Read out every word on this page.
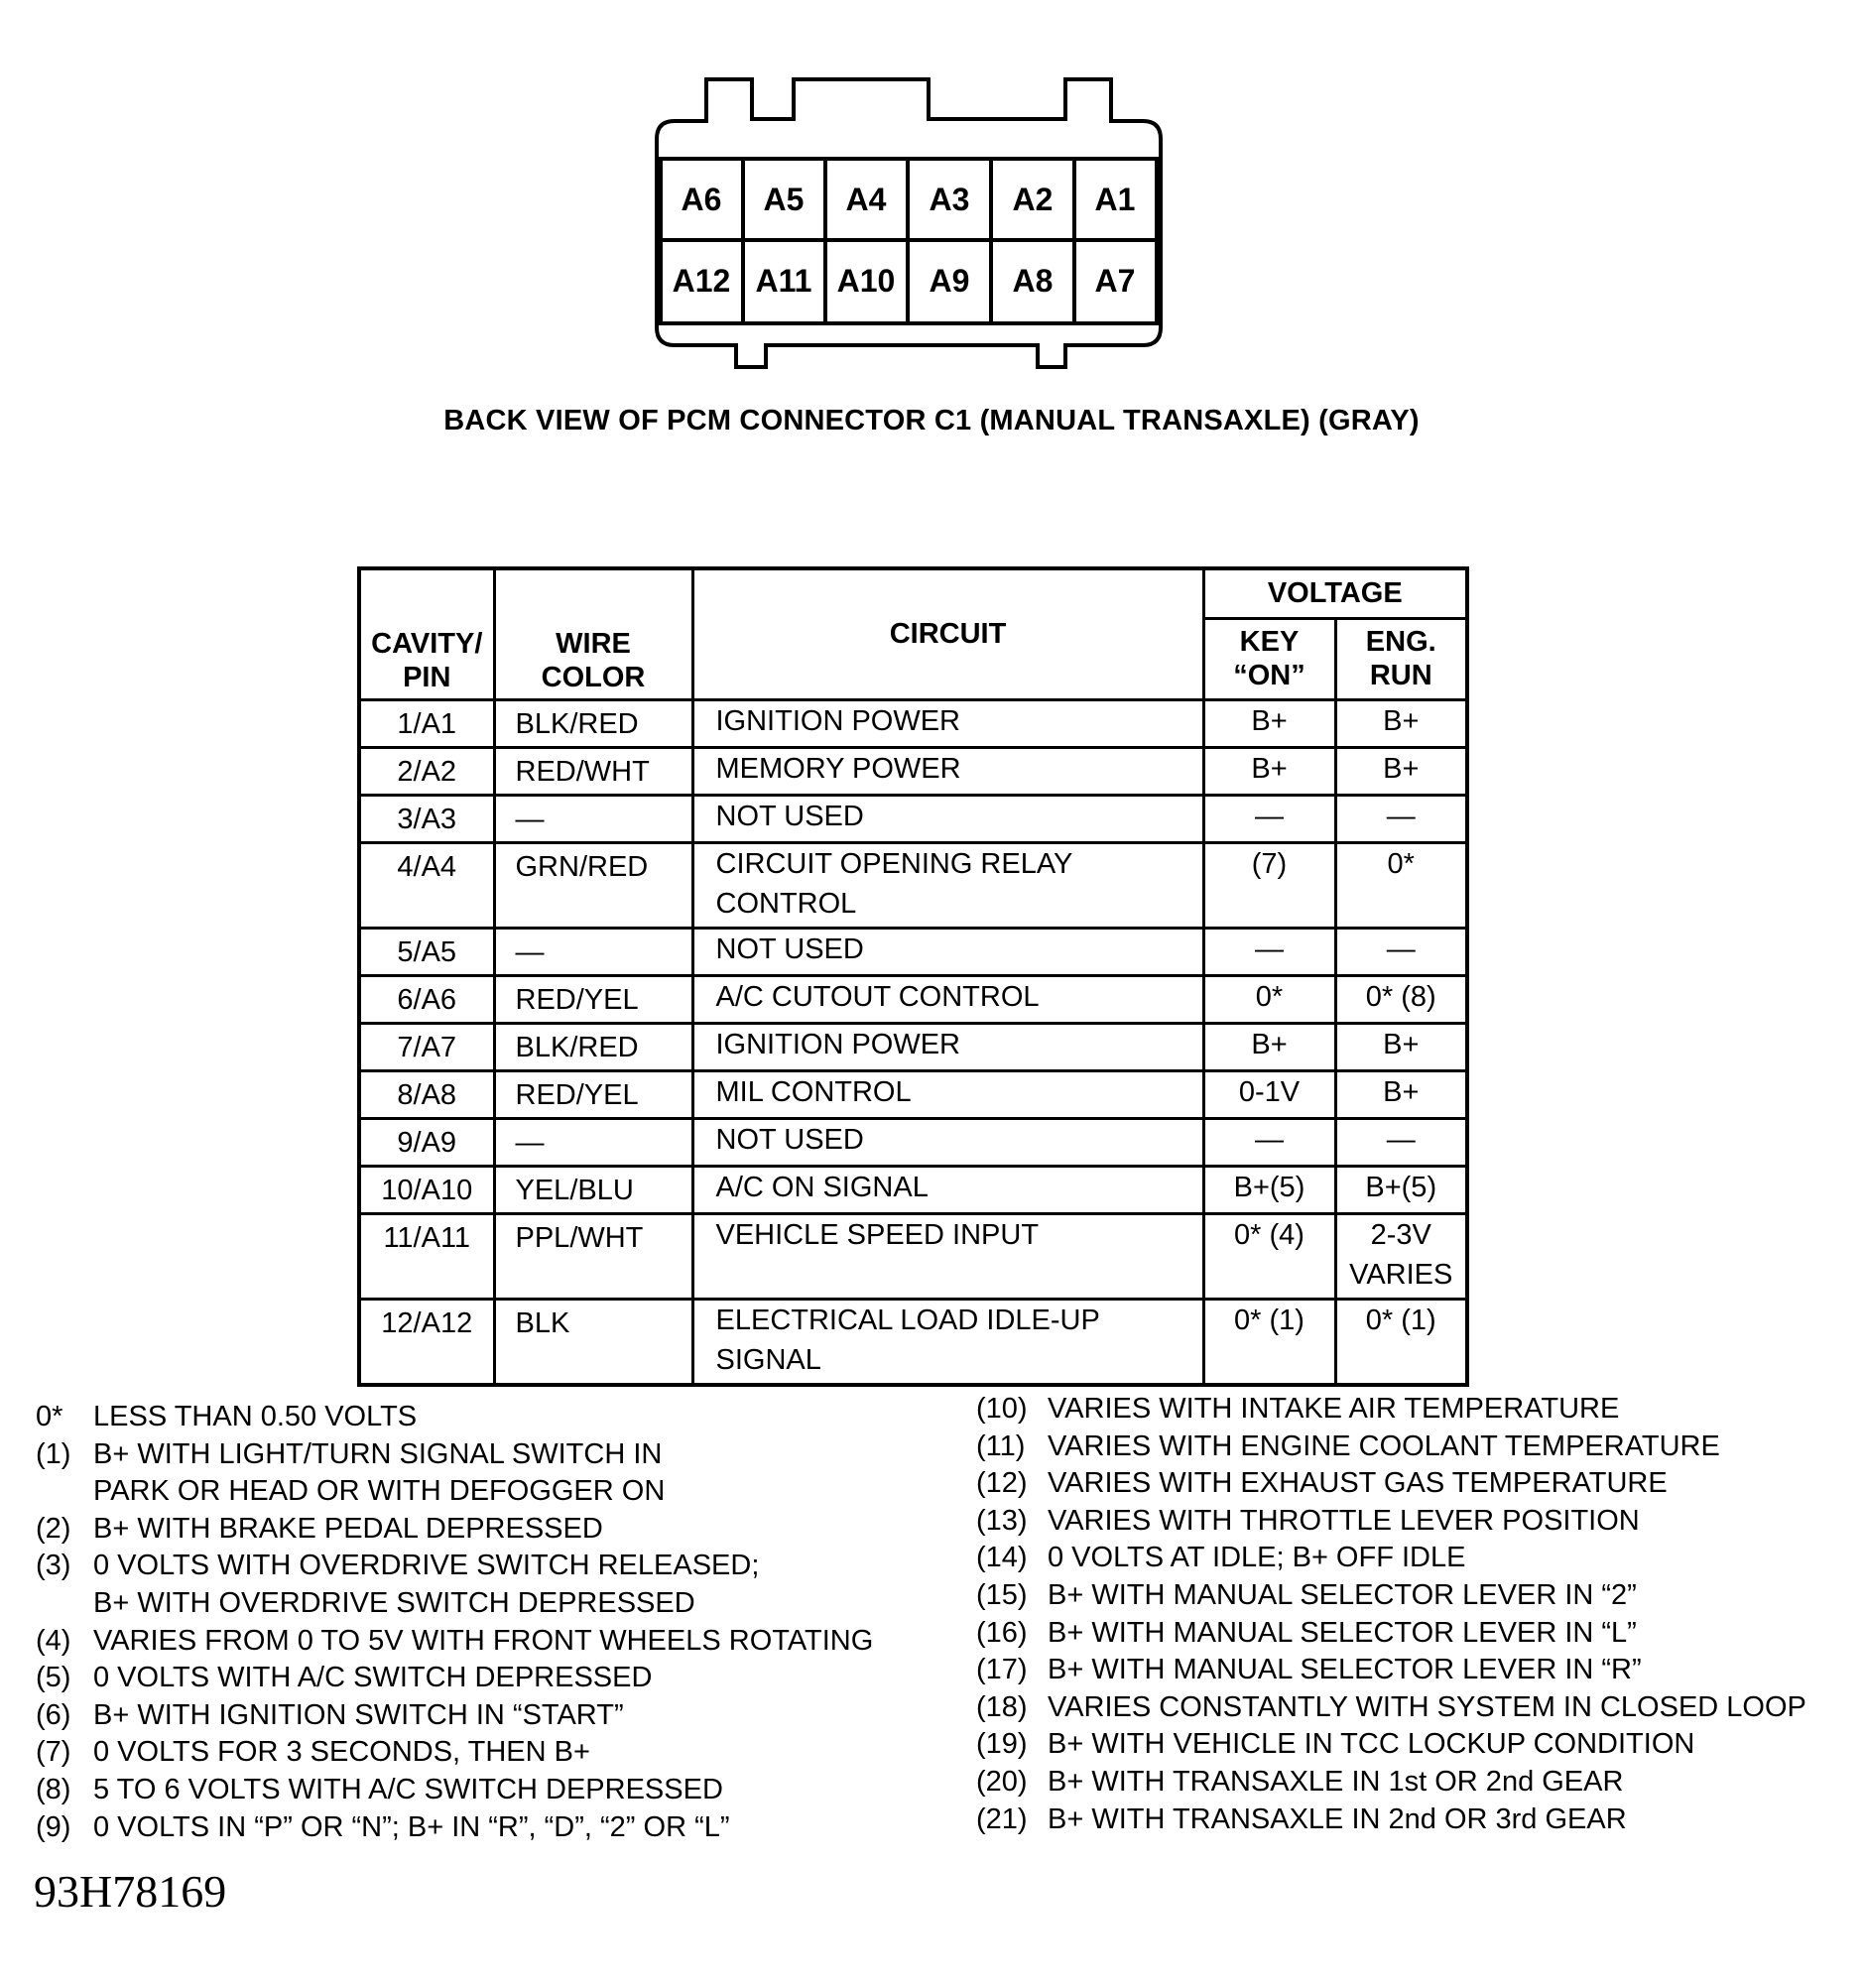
A6 A5 A4 A3 A2 A1
A12 A11 A10 A9 A8 A7
BACK VIEW OF PCM CONNECTOR C1 (MANUAL TRANSAXLE) (GRAY)
CAVITY/ PIN	WIRE COLOR	CIRCUIT	VOLTAGE	
			KEY “ON”	ENG. RUN
1/A1	BLK/RED	IGNITION POWER	B+	B+
2/A2	RED/WHT	MEMORY POWER	B+	B+
3/A3	—	NOT USED	—	—
4/A4	GRN/RED	CIRCUIT OPENING RELAY CONTROL	(7)	0*
5/A5	—	NOT USED	—	—
6/A6	RED/YEL	A/C CUTOUT CONTROL	0*	0* (8)
7/A7	BLK/RED	IGNITION POWER	B+	B+
8/A8	RED/YEL	MIL CONTROL	0-1V	B+
9/A9	—	NOT USED	—	—
10/A10	YEL/BLU	A/C ON SIGNAL	B+(5)	B+(5)
11/A11	PPL/WHT	VEHICLE SPEED INPUT	0* (4)	2-3V VARIES
12/A12	BLK	ELECTRICAL LOAD IDLE-UP SIGNAL	0* (1)	0* (1)
0*	LESS THAN 0.50 VOLTS
(1) B+ WITH LIGHT/TURN SIGNAL SWITCH IN
PARK OR HEAD OR WITH DEFOGGER ON
(2) B+ WITH BRAKE PEDAL DEPRESSED
(3) 0 VOLTS WITH OVERDRIVE SWITCH RELEASED;
B+ WITH OVERDRIVE SWITCH DEPRESSED
(4) VARIES FROM 0 TO 5V WITH FRONT WHEELS ROTATING
(5) 0 VOLTS WITH A/C SWITCH DEPRESSED
(6) B+ WITH IGNITION SWITCH IN “START”
(7) 0 VOLTS FOR 3 SECONDS, THEN B+
(8) 5 TO 6 VOLTS WITH A/C SWITCH DEPRESSED
(9) 0 VOLTS IN “P” OR “N”; B+ IN “R”, “D”, “2” OR “L”
(10) VARIES WITH INTAKE AIR TEMPERATURE
(11) VARIES WITH ENGINE COOLANT TEMPERATURE
(12) VARIES WITH EXHAUST GAS TEMPERATURE
(13) VARIES WITH THROTTLE LEVER POSITION
(14) 0 VOLTS AT IDLE; B+ OFF IDLE
(15) B+ WITH MANUAL SELECTOR LEVER IN “2”
(16) B+ WITH MANUAL SELECTOR LEVER IN “L”
(17) B+ WITH MANUAL SELECTOR LEVER IN “R”
(18) VARIES CONSTANTLY WITH SYSTEM IN CLOSED LOOP
(19) B+ WITH VEHICLE IN TCC LOCKUP CONDITION
(20) B+ WITH TRANSAXLE IN 1st OR 2nd GEAR
(21) B+ WITH TRANSAXLE IN 2nd OR 3rd GEAR
93H78169
